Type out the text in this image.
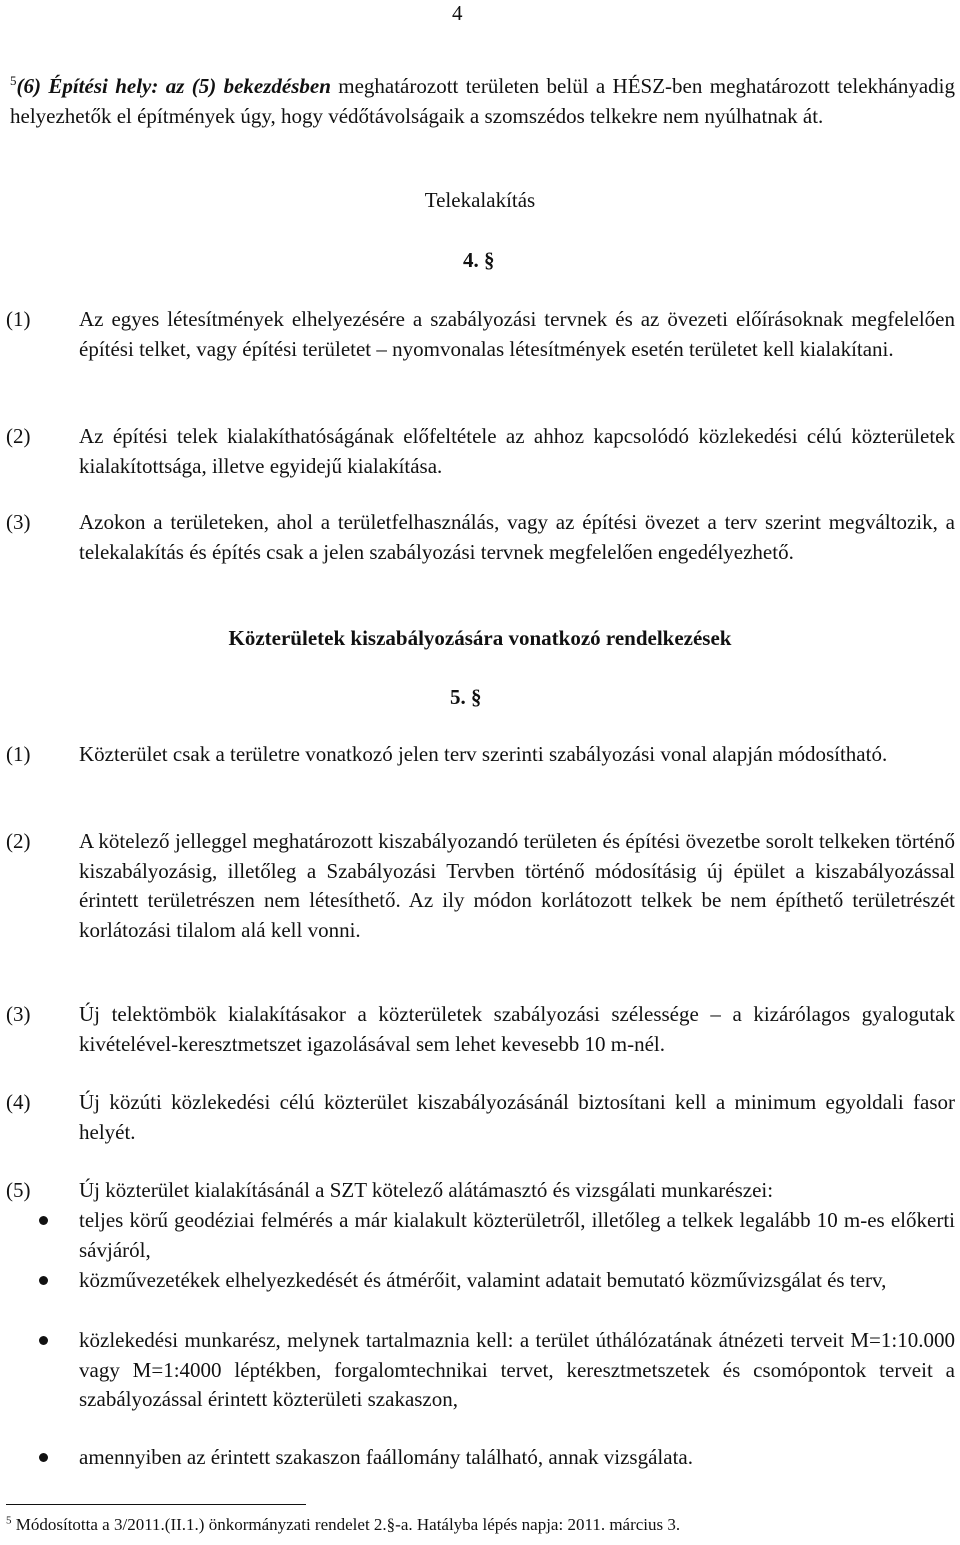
4
$^5$(6) Építési hely: az (5) bekezdésben meghatározott területen belül a HÉSZ-ben meghatározott telekhányadig helyezhetők el építmények úgy, hogy védőtávolságaik a szomszédos telkekre nem nyúlhatnak át.
Telekalakítás
4. §
(1) Az egyes létesítmények elhelyezésére a szabályozási tervnek és az övezeti előírásoknak megfelelően építési telket, vagy építési területet – nyomvonalas létesítmények esetén területet kell kialakítani.
(2) Az építési telek kialakíthatóságának előfeltétele az ahhoz kapcsolódó közlekedési célú közterületek kialakítottsága, illetve egyidejű kialakítása.
(3) Azokon a területeken, ahol a területfelhasználás, vagy az építési övezet a terv szerint megváltozik, a telekalakítás és építés csak a jelen szabályozási tervnek megfelelően engedélyezhető.
Közterületek kiszabályozására vonatkozó rendelkezések
5. §
(1) Közterület csak a területre vonatkozó jelen terv szerinti szabályozási vonal alapján módosítható.
(2) A kötelező jelleggel meghatározott kiszabályozandó területen és építési övezetbe sorolt telkeken történő kiszabályozásig, illetőleg a Szabályozási Tervben történő módosításig új épület a kiszabályozással érintett területrészen nem létesíthető. Az ily módon korlátozott telkek be nem építhető területrészét korlátozási tilalom alá kell vonni.
(3) Új telektömbök kialakításakor a közterületek szabályozási szélessége – a kizárólagos gyalogutak kivételével-keresztmetszet igazolásával sem lehet kevesebb 10 m-nél.
(4) Új közúti közlekedési célú közterület kiszabályozásánál biztosítani kell a minimum egyoldali fasor helyét.
(5) Új közterület kialakításánál a SZT kötelező alátámasztó és vizsgálati munkarészei:
teljes körű geodéziai felmérés a már kialakult közterületről, illetőleg a telkek legalább 10 m-es előkerti sávjáról,
közművezetékek elhelyezkedését és átmérőit, valamint adatait bemutató közművizsgálat és terv,
közlekedési munkarész, melynek tartalmaznia kell: a terület úthálózatának átnézeti terveit M=1:10.000 vagy M=1:4000 léptékben, forgalomtechnikai tervet, keresztmetszetek és csomópontok terveit a szabályozással érintett közterületi szakaszon,
amennyiben az érintett szakaszon faállomány található, annak vizsgálata.
$^5$ Módosította a 3/2011.(II.1.) önkormányzati rendelet 2.§-a. Hatályba lépés napja: 2011. március 3.
